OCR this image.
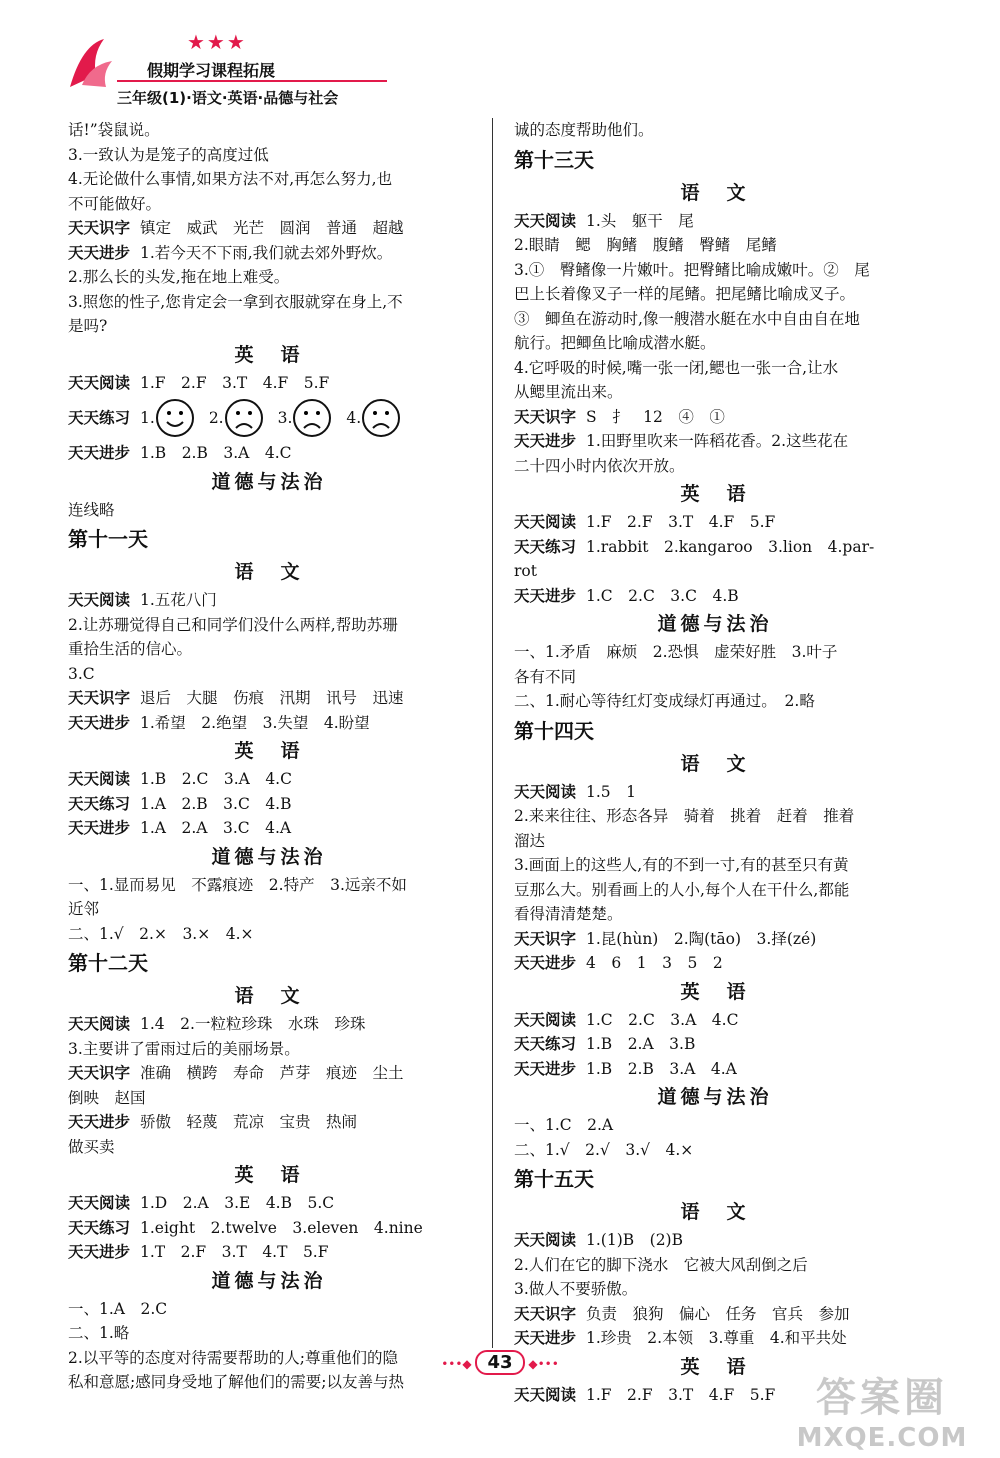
★★★
假期学习课程拓展
三年级(1)·语文·英语·品德与社会
话!”袋鼠说。
3.一致认为是笼子的高度过低
4.无论做什么事情,如果方法不对,再怎么努力,也
不可能做好。
天天识字 镇定　威武　光芒　圆润　普通　超越
天天进步 1.若今天不下雨,我们就去郊外野炊。
2.那么长的头发,拖在地上难受。
3.照您的性子,您肯定会一拿到衣服就穿在身上,不
是吗?
英　语
天天阅读 1.F　2.F　3.T　4.F　5.F
天天练习 1.	2.	3.	4.
天天进步 1.B　2.B　3.A　4.C
道德与法治
连线略
第十一天
语　文
天天阅读 1.五花八门
2.让苏珊觉得自己和同学们没什么两样,帮助苏珊
重拾生活的信心。
3.C
天天识字 退后　大腿　伤痕　汛期　讯号　迅速
天天进步 1.希望　2.绝望　3.失望　4.盼望
英　语
天天阅读 1.B　2.C　3.A　4.C
天天练习 1.A　2.B　3.C　4.B
天天进步 1.A　2.A　3.C　4.A
道德与法治
一、1.显而易见　不露痕迹　2.特产　3.远亲不如
近邻
二、1.√　2.×　3.×　4.×
第十二天
语　文
天天阅读 1.4　2.一粒粒珍珠　水珠　珍珠
3.主要讲了雷雨过后的美丽场景。
天天识字 准确　横跨　寿命　芦芽　痕迹　尘土
倒映　赵国
天天进步 骄傲　轻蔑　荒凉　宝贵　热闹
做买卖
英　语
天天阅读 1.D　2.A　3.E　4.B　5.C
天天练习 1.eight　2.twelve　3.eleven　4.nine
天天进步 1.T　2.F　3.T　4.T　5.F
道德与法治
一、1.A　2.C
二、1.略
2.以平等的态度对待需要帮助的人;尊重他们的隐
私和意愿;感同身受地了解他们的需要;以友善与热
诚的态度帮助他们。
第十三天
语　文
天天阅读 1.头　躯干　尾
2.眼睛　鳃　胸鳍　腹鳍　臀鳍　尾鳍
3.①　臀鳍像一片嫩叶。把臀鳍比喻成嫩叶。②　尾
巴上长着像叉子一样的尾鳍。把尾鳍比喻成叉子。
③　鲫鱼在游动时,像一艘潜水艇在水中自由自在地
航行。把鲫鱼比喻成潜水艇。
4.它呼吸的时候,嘴一张一闭,鳃也一张一合,让水
从鳃里流出来。
天天识字 S　扌　12　④　①
天天进步 1.田野里吹来一阵稻花香。2.这些花在
二十四小时内依次开放。
英　语
天天阅读 1.F　2.F　3.T　4.F　5.F
天天练习 1.rabbit　2.kangaroo　3.lion　4.par-
rot
天天进步 1.C　2.C　3.C　4.B
道德与法治
一、1.矛盾　麻烦　2.恐惧　虚荣好胜　3.叶子
各有不同
二、1.耐心等待红灯变成绿灯再通过。　2.略
第十四天
语　文
天天阅读 1.5　1
2.来来往往、形态各异　骑着　挑着　赶着　推着
溜达
3.画面上的这些人,有的不到一寸,有的甚至只有黄
豆那么大。别看画上的人小,每个人在干什么,都能
看得清清楚楚。
天天识字 1.昆(hùn)　2.陶(tāo)　3.择(zé)
天天进步 4　6　1　3　5　2
英　语
天天阅读 1.C　2.C　3.A　4.C
天天练习 1.B　2.A　3.B
天天进步 1.B　2.B　3.A　4.A
道德与法治
一、1.C　2.A
二、1.√　2.√　3.√　4.×
第十五天
语　文
天天阅读 1.(1)B　(2)B
2.人们在它的脚下浇水　它被大风刮倒之后
3.做人不要骄傲。
天天识字 负责　狼狗　偏心　任务　官兵　参加
天天进步 1.珍贵　2.本领　3.尊重　4.和平共处
英　语
天天阅读 1.F　2.F　3.T　4.F　5.F
•••◆ 43 ◆•••
答案圈
MXQE.COM
